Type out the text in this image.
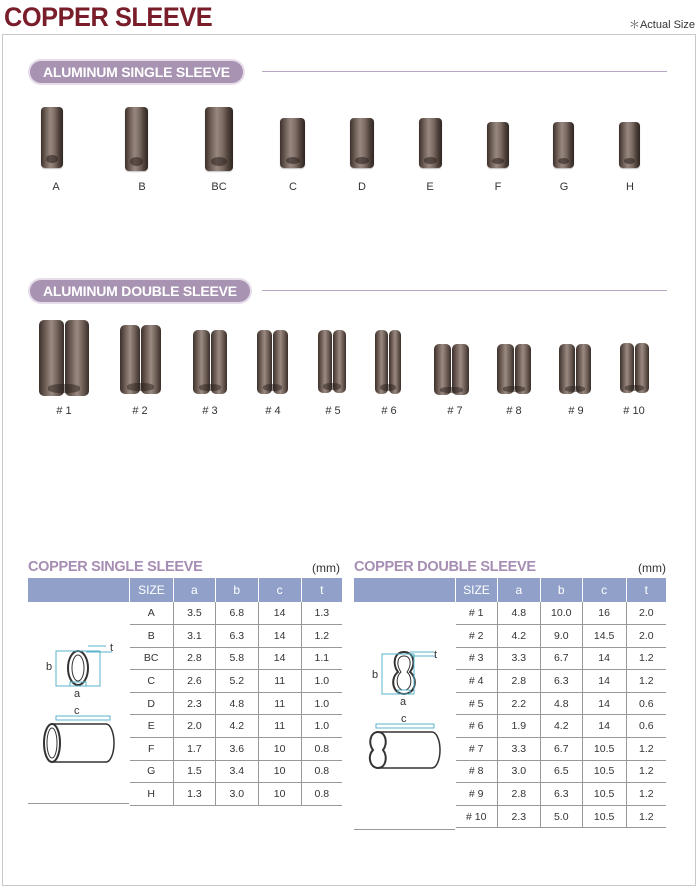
COPPER SLEEVE	＊Actual Size
ALUMINUM SINGLE SLEEVE
A	B	BC	C	D	E	F	G	H
ALUMINUM DOUBLE SLEEVE
# 1	# 2	# 3	# 4	# 5	# 6	# 7	# 8	# 9	# 10
COPPER SINGLE SLEEVE	(mm)
t
b
a
c
SIZE	a	b	c	t
A	3.5	6.8	14	1.3
B	3.1	6.3	14	1.2
BC	2.8	5.8	14	1.1
C	2.6	5.2	11	1.0
D	2.3	4.8	11	1.0
E	2.0	4.2	11	1.0
F	1.7	3.6	10	0.8
G	1.5	3.4	10	0.8
H	1.3	3.0	10	0.8
COPPER DOUBLE SLEEVE	(mm)
t
b
a
c
SIZE	a	b	c	t
# 1	4.8	10.0	16	2.0
# 2	4.2	9.0	14.5	2.0
# 3	3.3	6.7	14	1.2
# 4	2.8	6.3	14	1.2
# 5	2.2	4.8	14	0.6
# 6	1.9	4.2	14	0.6
# 7	3.3	6.7	10.5	1.2
# 8	3.0	6.5	10.5	1.2
# 9	2.8	6.3	10.5	1.2
# 10	2.3	5.0	10.5	1.2
